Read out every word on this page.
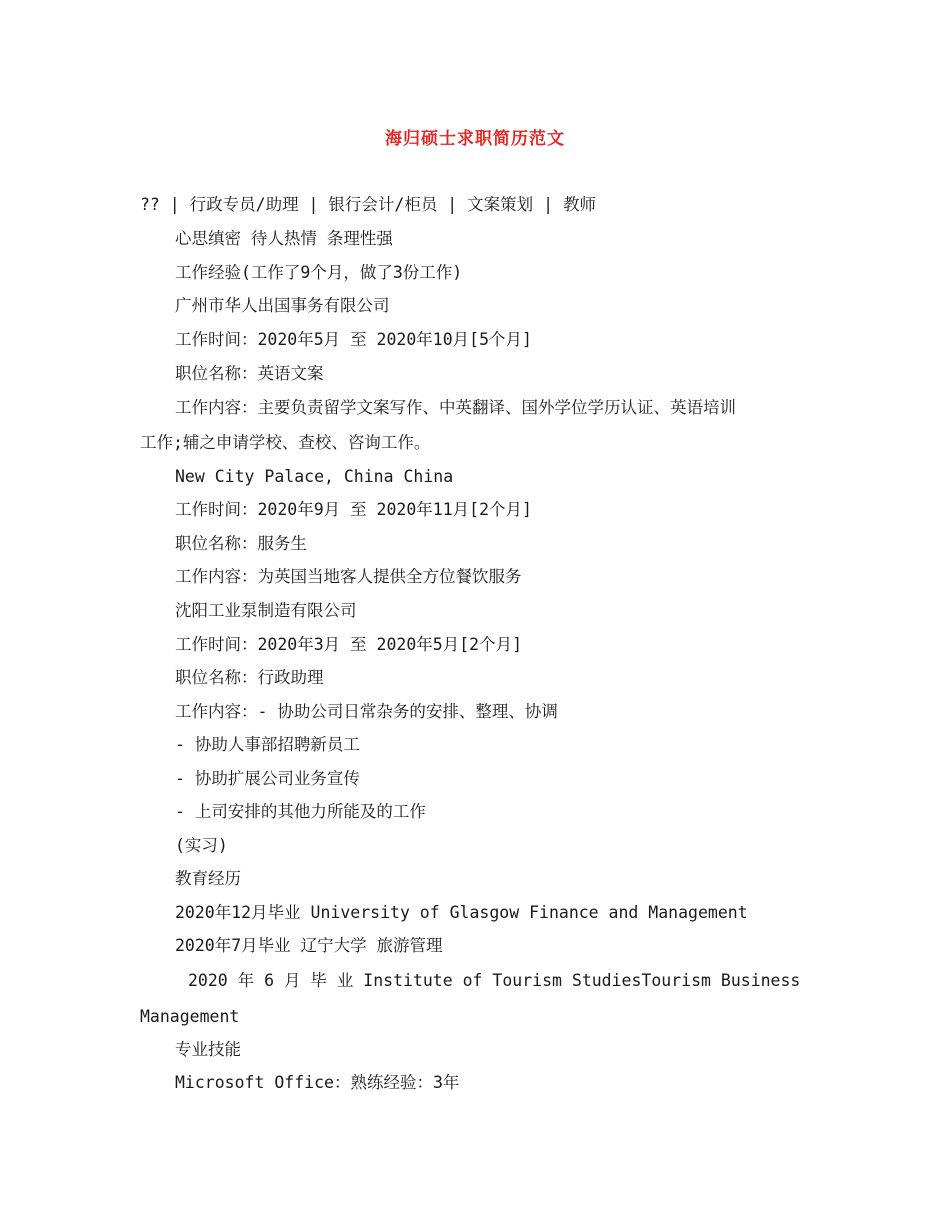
海归硕士求职简历范文
?? | 行政专员/助理 | 银行会计/柜员 | 文案策划 | 教师
心思缜密 待人热情 条理性强
工作经验(工作了9个月，做了3份工作)
广州市华人出国事务有限公司
工作时间：2020年5月 至 2020年10月[5个月]
职位名称：英语文案
工作内容：主要负责留学文案写作、中英翻译、国外学位学历认证、英语培训
工作;辅之申请学校、查校、咨询工作。
New City Palace, China China
工作时间：2020年9月 至 2020年11月[2个月]
职位名称：服务生
工作内容：为英国当地客人提供全方位餐饮服务
沈阳工业泵制造有限公司
工作时间：2020年3月 至 2020年5月[2个月]
职位名称：行政助理
工作内容：- 协助公司日常杂务的安排、整理、协调
- 协助人事部招聘新员工
- 协助扩展公司业务宣传
- 上司安排的其他力所能及的工作
(实习)
教育经历
2020年12月毕业 University of Glasgow Finance and Management
2020年7月毕业 辽宁大学 旅游管理
2020 年 6 月 毕 业 Institute of Tourism StudiesTourism Business
Management
专业技能
Microsoft Office：熟练经验：3年
